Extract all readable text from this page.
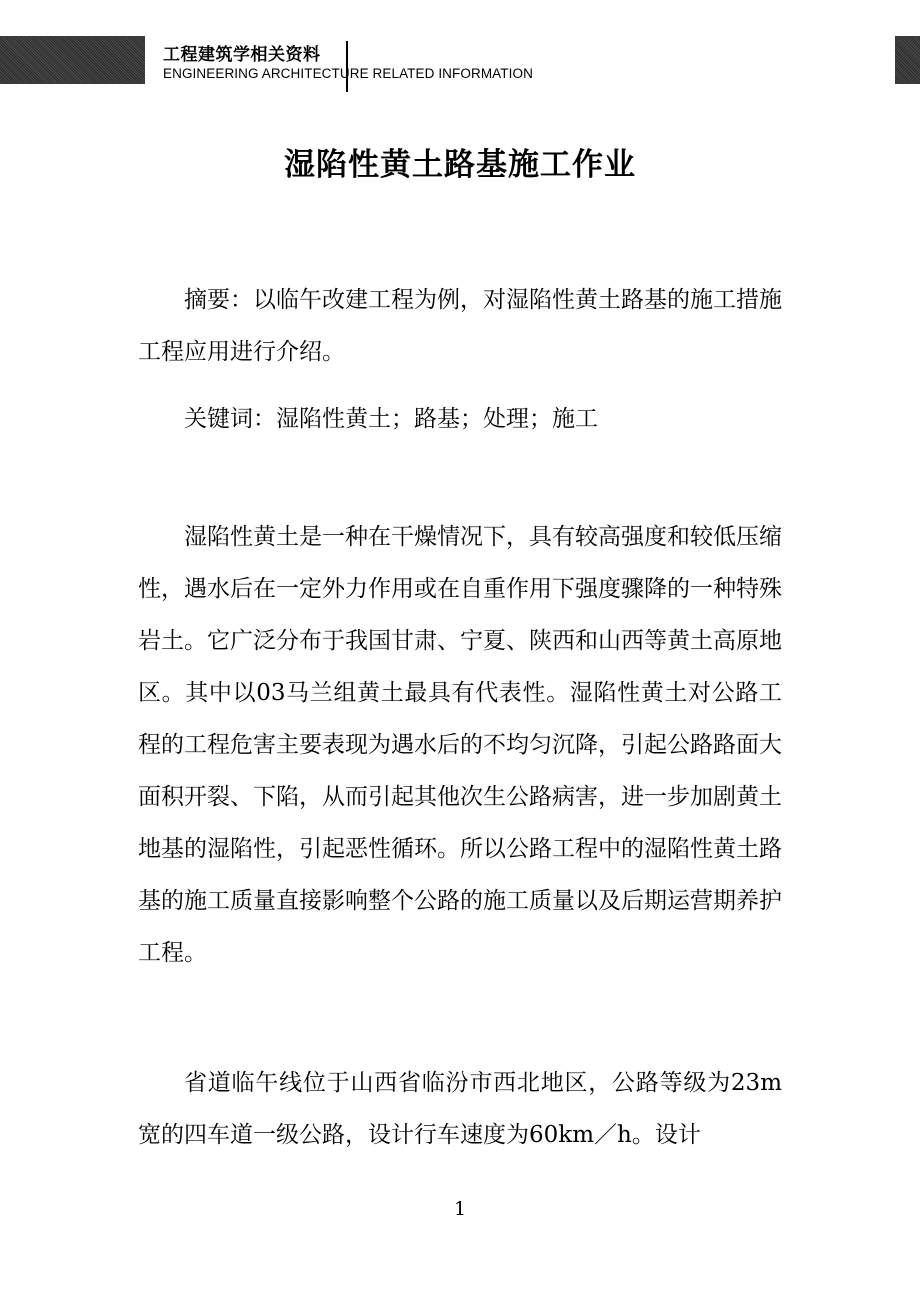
工程建筑学相关资料
ENGINEERING ARCHITECTURE RELATED INFORMATION
湿陷性黄土路基施工作业

摘要：以临午改建工程为例，对湿陷性黄土路基的施工措施工程应用进行介绍。

关键词：湿陷性黄土；路基；处理；施工

湿陷性黄土是一种在干燥情况下，具有较高强度和较低压缩性，遇水后在一定外力作用或在自重作用下强度骤降的一种特殊岩土。它广泛分布于我国甘肃、宁夏、陕西和山西等黄土高原地区。其中以03马兰组黄土最具有代表性。湿陷性黄土对公路工程的工程危害主要表现为遇水后的不均匀沉降，引起公路路面大面积开裂、下陷，从而引起其他次生公路病害，进一步加剧黄土地基的湿陷性，引起恶性循环。所以公路工程中的湿陷性黄土路基的施工质量直接影响整个公路的施工质量以及后期运营期养护工程。

省道临午线位于山西省临汾市西北地区，公路等级为23m宽的四车道一级公路，设计行车速度为60km／h。设计

1
